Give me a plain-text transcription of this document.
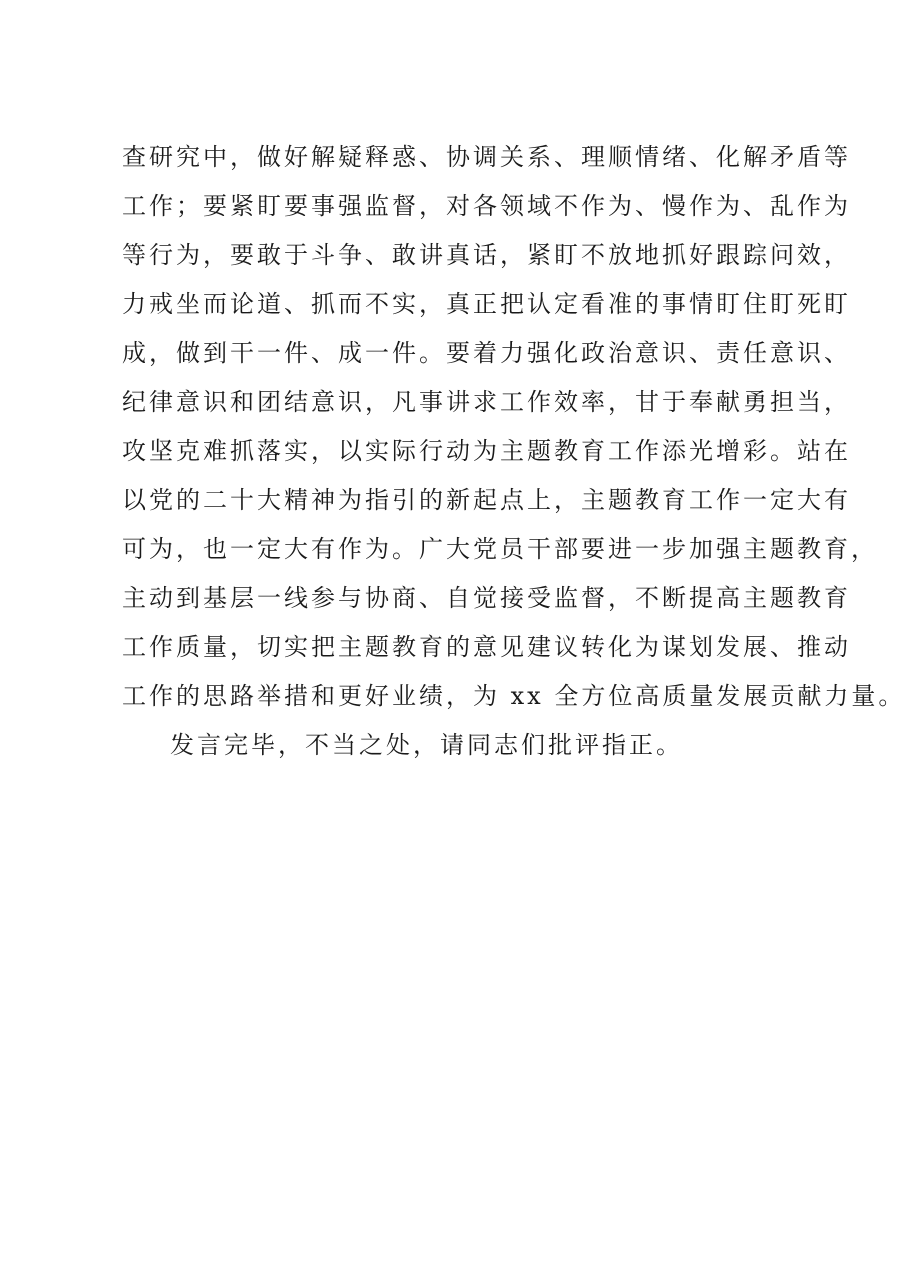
查研究中，做好解疑释惑、协调关系、理顺情绪、化解矛盾等
工作；要紧盯要事强监督，对各领域不作为、慢作为、乱作为
等行为，要敢于斗争、敢讲真话，紧盯不放地抓好跟踪问效，
力戒坐而论道、抓而不实，真正把认定看准的事情盯住盯死盯
成，做到干一件、成一件。要着力强化政治意识、责任意识、
纪律意识和团结意识，凡事讲求工作效率，甘于奉献勇担当，
攻坚克难抓落实，以实际行动为主题教育工作添光增彩。站在
以党的二十大精神为指引的新起点上，主题教育工作一定大有
可为，也一定大有作为。广大党员干部要进一步加强主题教育，
主动到基层一线参与协商、自觉接受监督，不断提高主题教育
工作质量，切实把主题教育的意见建议转化为谋划发展、推动
工作的思路举措和更好业绩，为 xx 全方位高质量发展贡献力量。
发言完毕，不当之处，请同志们批评指正。
